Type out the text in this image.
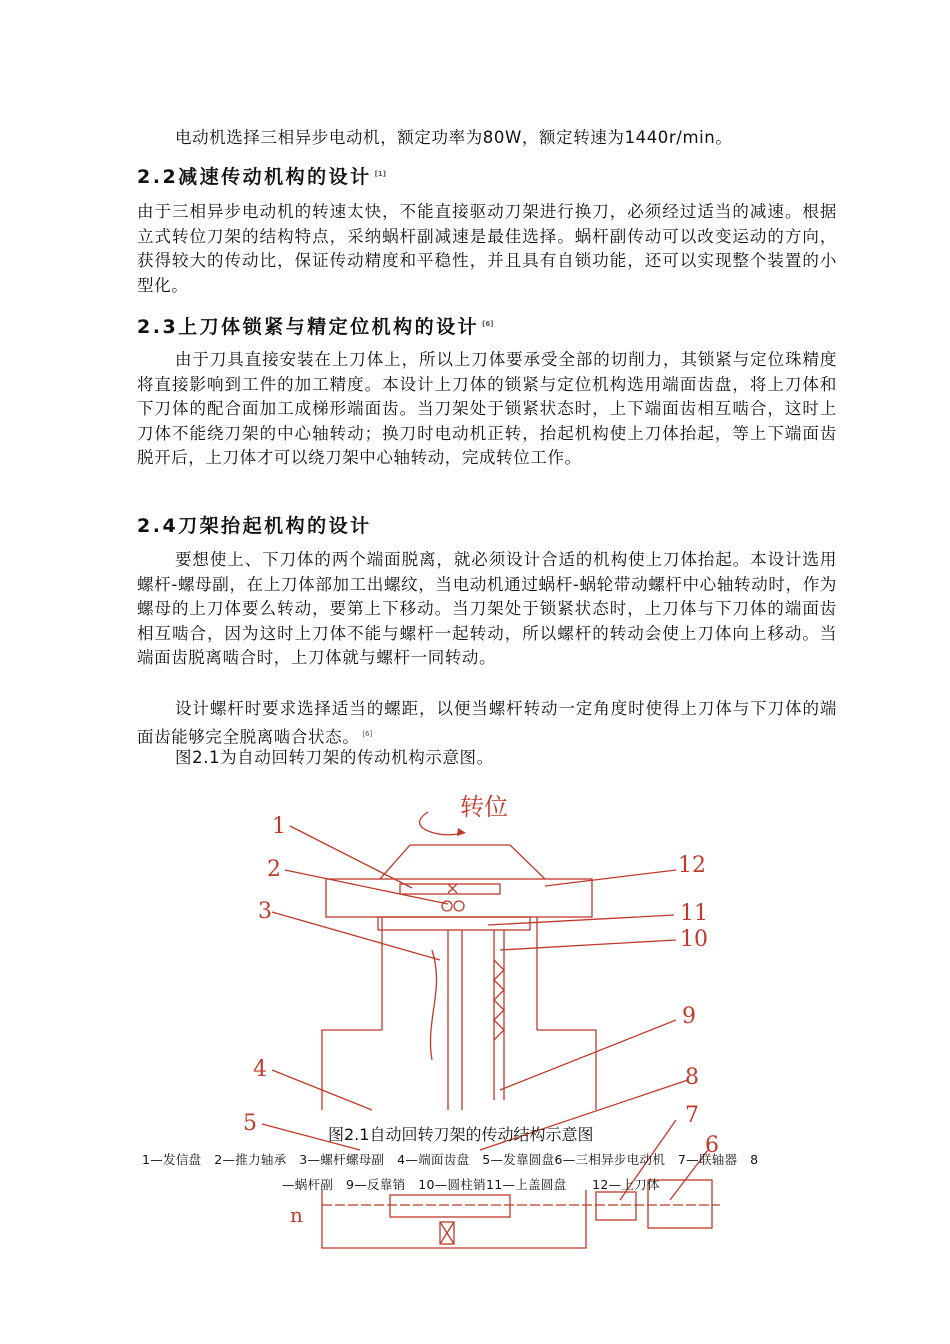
电动机选择三相异步电动机，额定功率为80W，额定转速为1440r/min。

2.2减速传动机构的设计 [1]

由于三相异步电动机的转速太快，不能直接驱动刀架进行换刀，必须经过适当的减速。根据立式转位刀架的结构特点，采纳蜗杆副减速是最佳选择。蜗杆副传动可以改变运动的方向，获得较大的传动比，保证传动精度和平稳性，并且具有自锁功能，还可以实现整个装置的小型化。

2.3上刀体锁紧与精定位机构的设计 [6]

由于刀具直接安装在上刀体上，所以上刀体要承受全部的切削力，其锁紧与定位珠精度将直接影响到工件的加工精度。本设计上刀体的锁紧与定位机构选用端面齿盘，将上刀体和下刀体的配合面加工成梯形端面齿。当刀架处于锁紧状态时，上下端面齿相互啮合，这时上刀体不能绕刀架的中心轴转动；换刀时电动机正转，抬起机构使上刀体抬起，等上下端面齿脱开后，上刀体才可以绕刀架中心轴转动，完成转位工作。

2.4刀架抬起机构的设计

要想使上、下刀体的两个端面脱离，就必须设计合适的机构使上刀体抬起。本设计选用螺杆-螺母副，在上刀体部加工出螺纹，当电动机通过蜗杆-蜗轮带动螺杆中心轴转动时，作为螺母的上刀体要么转动，要第上下移动。当刀架处于锁紧状态时，上刀体与下刀体的端面齿相互啮合，因为这时上刀体不能与螺杆一起转动，所以螺杆的转动会使上刀体向上移动。当端面齿脱离啮合时，上刀体就与螺杆一同转动。

设计螺杆时要求选择适当的螺距，以便当螺杆转动一定角度时使得上刀体与下刀体的端面齿能够完全脱离啮合状态。 [6]

图2.1为自动回转刀架的传动机构示意图。

转位
n
1
2
3
4
5
6
7
8
9
10
11
12

图2.1自动回转刀架的传动结构示意图

1—发信盘　2—推力轴承　3—螺杆螺母副　4—端面齿盘　5—发靠圆盘6—三相异步电动机　7—联轴器　8

—蜗杆副　9—反靠销　10—圆柱销11—上盖圆盘　　12—上刀体
